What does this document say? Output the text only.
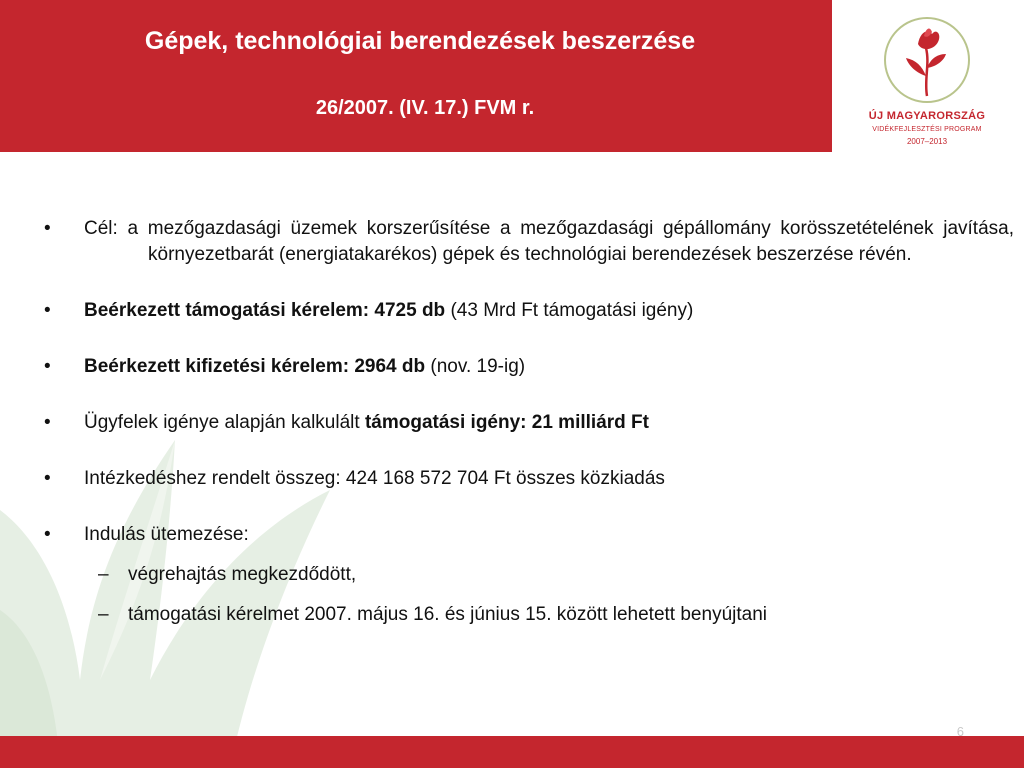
Gépek, technológiai berendezések beszerzése
26/2007. (IV. 17.) FVM r.	ÚJ MAGYARORSZÁG
VIDÉKFEJLESZTÉSI PROGRAM
2007–2013
• Cél: a mezőgazdasági üzemek korszerűsítése a mezőgazdasági gépállomány korösszetételének javítása, környezetbarát (energiatakarékos) gépek és technológiai berendezések beszerzése révén.
• Beérkezett támogatási kérelem: 4725 db (43 Mrd Ft támogatási igény)
• Beérkezett kifizetési kérelem: 2964 db (nov. 19-ig)
• Ügyfelek igénye alapján kalkulált támogatási igény: 21 milliárd Ft
• Intézkedéshez rendelt összeg: 424 168 572 704 Ft összes közkiadás
• Indulás ütemezése:
– végrehajtás megkezdődött,
– támogatási kérelmet 2007. május 16. és június 15. között lehetett benyújtani
6
